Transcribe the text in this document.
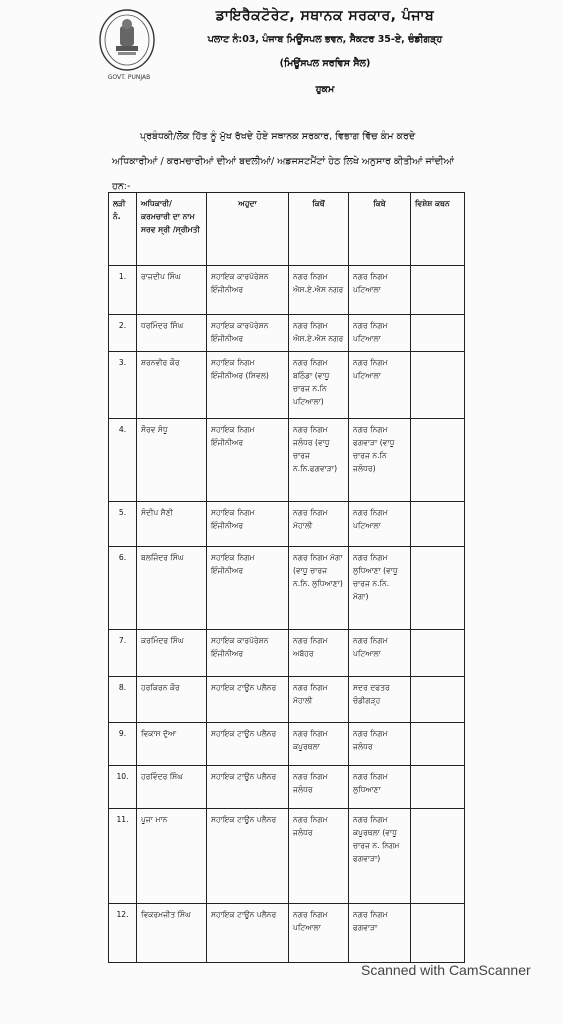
GOVT. PUNJAB
ਡਾਇਰੈਕਟੋਰੇਟ, ਸਥਾਨਕ ਸਰਕਾਰ, ਪੰਜਾਬ
ਪਲਾਟ ਨੰ:03, ਪੰਜਾਬ ਮਿਊਂਸਪਲ ਭਵਨ, ਸੈਕਟਰ 35-ਏ, ਚੰਡੀਗੜ੍ਹ
(ਮਿਊਂਸਪਲ ਸਰਵਿਸ ਸੈਲ)
ਹੁਕਮ
ਪ੍ਰਬੰਧਕੀ/ਲੋਕ ਹਿੱਤ ਨੂੰ ਮੁੱਖ ਰੱਖਦੇ ਹੋਏ ਸਥਾਨਕ ਸਰਕਾਰ, ਵਿਭਾਗ ਵਿੱਚ ਕੰਮ ਕਰਦੇ
ਅਧਿਕਾਰੀਆਂ / ਕਰਮਚਾਰੀਆਂ ਦੀਆਂ ਬਦਲੀਆਂ/ ਅਡਜਸਟਮੈਂਟਾਂ ਹੇਠ ਲਿਖੇ ਅਨੁਸਾਰ ਕੀਤੀਆਂ ਜਾਂਦੀਆਂ
ਹਨ:-
ਲੜੀ ਨੰ.	ਅਧਿਕਾਰੀ/ ਕਰਮਚਾਰੀ ਦਾ ਨਾਮ ਸਰਵ ਸ੍ਰੀ /ਸ੍ਰੀਮਤੀ	ਅਹੁਦਾ	ਕਿਥੋਂ	ਕਿਥੇ	ਵਿਸ਼ੇਸ਼ ਕਥਨ
1.	ਰਾਜਦੀਪ ਸਿੰਘ	ਸਹਾਇਕ ਕਾਰਪੋਰੇਸ਼ਨ ਇੰਜੀਨੀਅਰ	ਨਗਰ ਨਿਗਮ ਐਸ.ਏ.ਐਸ ਨਗਰ	ਨਗਰ ਨਿਗਮ ਪਟਿਆਲਾ	
2.	ਧਰਮਿੰਦਰ ਸਿੰਘ	ਸਹਾਇਕ ਕਾਰਪੋਰੇਸ਼ਨ ਇੰਜੀਨੀਅਰ	ਨਗਰ ਨਿਗਮ ਐਸ.ਏ.ਐਸ ਨਗਰ	ਨਗਰ ਨਿਗਮ ਪਟਿਆਲਾ	
3.	ਸ਼ਰਨਵੀਰ ਕੌਰ	ਸਹਾਇਕ ਨਿਗਮ ਇੰਜੀਨੀਅਰ (ਸਿਵਲ)	ਨਗਰ ਨਿਗਮ ਬਠਿੰਡਾ (ਵਾਧੂ ਚਾਰਜ ਨ.ਨਿ ਪਟਿਆਲਾ)	ਨਗਰ ਨਿਗਮ ਪਟਿਆਲਾ	
4.	ਸੌਰਵ ਸੰਧੂ	ਸਹਾਇਕ ਨਿਗਮ ਇੰਜੀਨੀਅਰ	ਨਗਰ ਨਿਗਮ ਜਲੰਧਰ (ਵਾਧੂ ਚਾਰਜ ਨ.ਨਿ.ਫਗਵਾੜਾ)	ਨਗਰ ਨਿਗਮ ਫਗਵਾੜਾ (ਵਾਧੂ ਚਾਰਜ ਨ.ਨਿ ਜਲੰਧਰ)	
5.	ਸੰਦੀਪ ਸੈਣੀ	ਸਹਾਇਕ ਨਿਗਮ ਇੰਜੀਨੀਅਰ	ਨਗਰ ਨਿਗਮ ਮੋਹਾਲੀ	ਨਗਰ ਨਿਗਮ ਪਟਿਆਲਾ	
6.	ਬਲਜਿੰਦਰ ਸਿੰਘ	ਸਹਾਇਕ ਨਿਗਮ ਇੰਜੀਨੀਅਰ	ਨਗਰ ਨਿਗਮ ਮੋਗਾ (ਵਾਧੂ ਚਾਰਜ ਨ.ਨਿ. ਲੁਧਿਆਣਾ)	ਨਗਰ ਨਿਗਮ ਲੁਧਿਆਣਾ (ਵਾਧੂ ਚਾਰਜ ਨ.ਨਿ. ਮੋਗਾ)	
7.	ਕਰਮਿੰਦਰ ਸਿੰਘ	ਸਹਾਇਕ ਕਾਰਪੋਰੇਸ਼ਨ ਇੰਜੀਨੀਅਰ	ਨਗਰ ਨਿਗਮ ਅਬੋਹਰ	ਨਗਰ ਨਿਗਮ ਪਟਿਆਲਾ	
8.	ਹਰਕਿਰਨ ਕੌਰ	ਸਹਾਇਕ ਟਾਊਨ ਪਲੈਨਰ	ਨਗਰ ਨਿਗਮ ਮੋਹਾਲੀ	ਸਦਰ ਦਫਤਰ ਚੰਡੀਗੜ੍ਹ	
9.	ਵਿਕਾਸ ਦੁੱਆ	ਸਹਾਇਕ ਟਾਊਨ ਪਲੈਨਰ	ਨਗਰ ਨਿਗਮ ਕਪੂਰਥਲਾ	ਨਗਰ ਨਿਗਮ ਜਲੰਧਰ	
10.	ਹਰਵਿੰਦਰ ਸਿੰਘ	ਸਹਾਇਕ ਟਾਊਨ ਪਲੈਨਰ	ਨਗਰ ਨਿਗਮ ਜਲੰਧਰ	ਨਗਰ ਨਿਗਮ ਲੁਧਿਆਣਾ	
11.	ਪੂਜਾ ਮਾਨ	ਸਹਾਇਕ ਟਾਊਨ ਪਲੈਨਰ	ਨਗਰ ਨਿਗਮ ਜਲੰਧਰ	ਨਗਰ ਨਿਗਮ ਕਪੂਰਥਲਾ (ਵਾਧੂ ਚਾਰਜ ਨ. ਨਿਗਮ ਫਗਵਾੜਾ)	
12.	ਵਿਕਰਮਜੀਤ ਸਿੰਘ	ਸਹਾਇਕ ਟਾਊਨ ਪਲੈਨਰ	ਨਗਰ ਨਿਗਮ ਪਟਿਆਲਾ	ਨਗਰ ਨਿਗਮ ਫਗਵਾੜਾ	
Scanned with CamScanner
